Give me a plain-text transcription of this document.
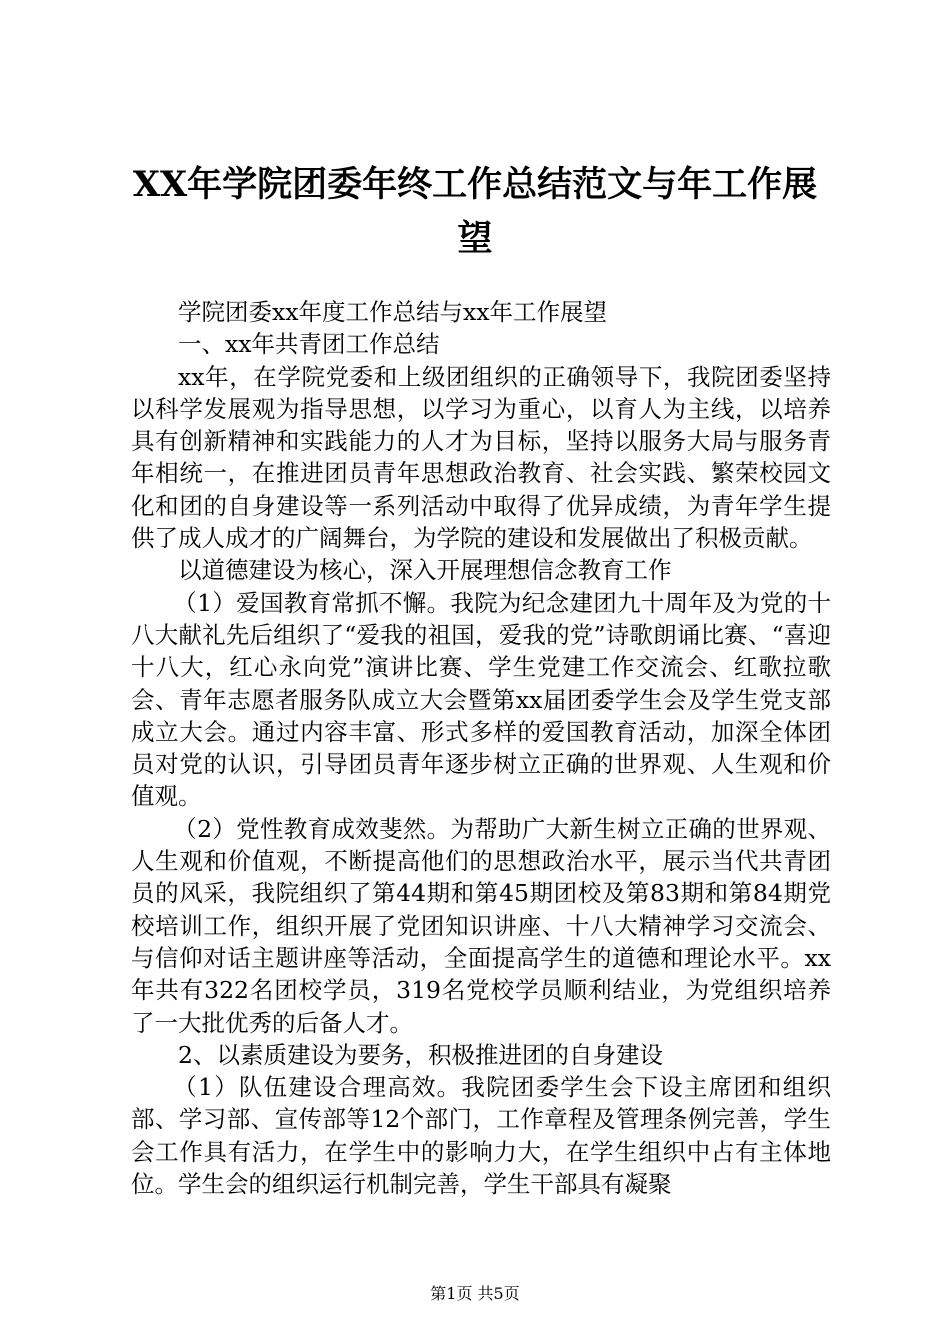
XX年学院团委年终工作总结范文与年工作展望

学院团委xx年度工作总结与xx年工作展望

一、xx年共青团工作总结

xx年，在学院党委和上级团组织的正确领导下，我院团委坚持以科学发展观为指导思想，以学习为重心，以育人为主线，以培养具有创新精神和实践能力的人才为目标，坚持以服务大局与服务青年相统一，在推进团员青年思想政治教育、社会实践、繁荣校园文化和团的自身建设等一系列活动中取得了优异成绩，为青年学生提供了成人成才的广阔舞台，为学院的建设和发展做出了积极贡献。

以道德建设为核心，深入开展理想信念教育工作

（1）爱国教育常抓不懈。我院为纪念建团九十周年及为党的十八大献礼先后组织了“爱我的祖国，爱我的党”诗歌朗诵比赛、“喜迎十八大，红心永向党”演讲比赛、学生党建工作交流会、红歌拉歌会、青年志愿者服务队成立大会暨第xx届团委学生会及学生党支部成立大会。通过内容丰富、形式多样的爱国教育活动，加深全体团员对党的认识，引导团员青年逐步树立正确的世界观、人生观和价值观。

（2）党性教育成效斐然。为帮助广大新生树立正确的世界观、人生观和价值观，不断提高他们的思想政治水平，展示当代共青团员的风采，我院组织了第44期和第45期团校及第83期和第84期党校培训工作，组织开展了党团知识讲座、十八大精神学习交流会、与信仰对话主题讲座等活动，全面提高学生的道德和理论水平。xx年共有322名团校学员，319名党校学员顺利结业，为党组织培养了一大批优秀的后备人才。

2、以素质建设为要务，积极推进团的自身建设

（1）队伍建设合理高效。我院团委学生会下设主席团和组织部、学习部、宣传部等12个部门，工作章程及管理条例完善，学生会工作具有活力，在学生中的影响力大，在学生组织中占有主体地位。学生会的组织运行机制完善，学生干部具有凝聚

第1页 共5页
